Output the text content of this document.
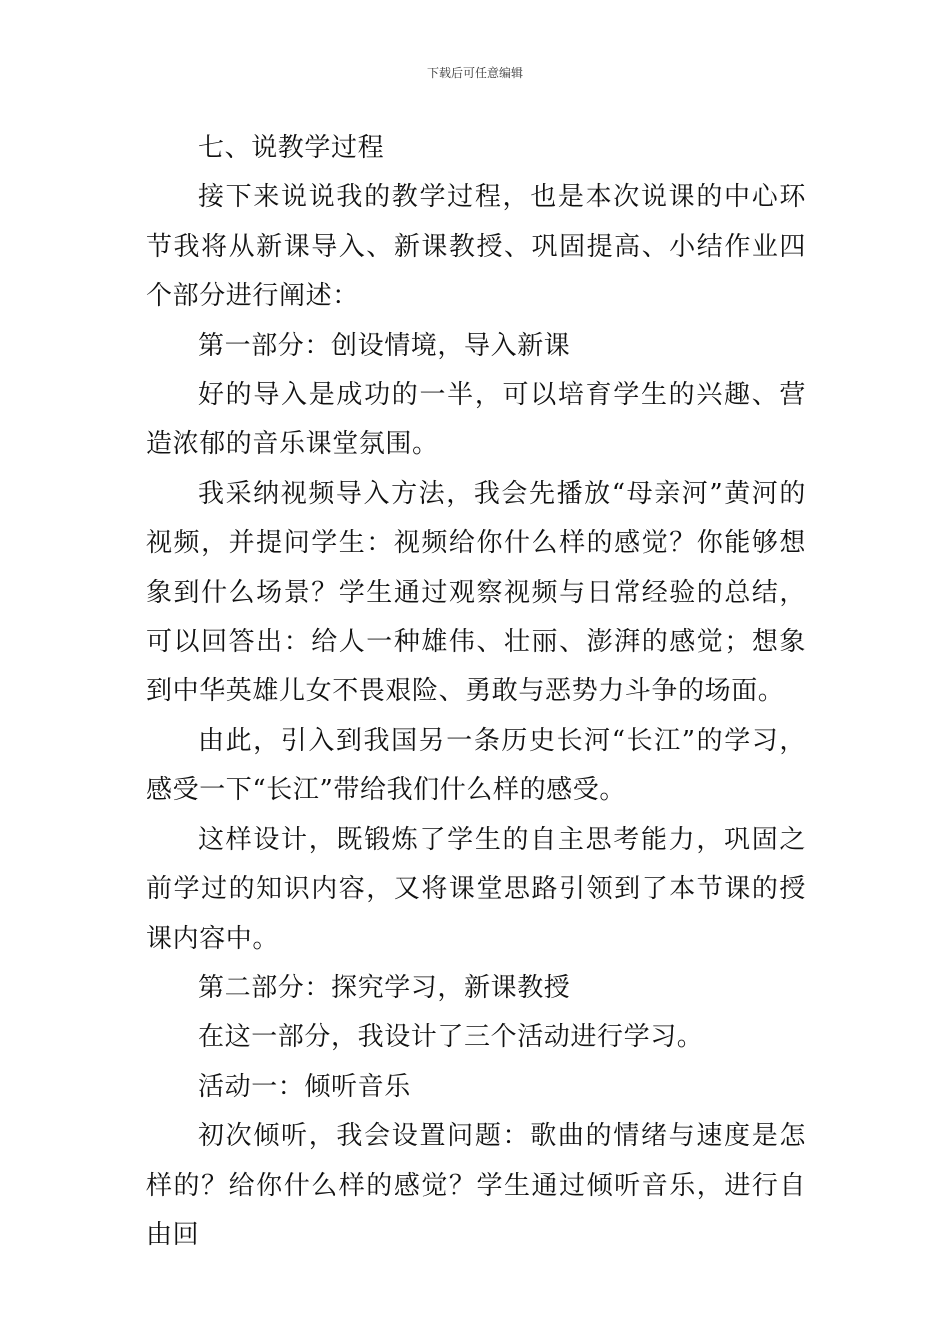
下载后可任意编辑

七、说教学过程

接下来说说我的教学过程，也是本次说课的中心环节我将从新课导入、新课教授、巩固提高、小结作业四个部分进行阐述：

第一部分：创设情境，导入新课

好的导入是成功的一半，可以培育学生的兴趣、营造浓郁的音乐课堂氛围。

我采纳视频导入方法，我会先播放“母亲河”黄河的视频，并提问学生：视频给你什么样的感觉？你能够想象到什么场景？学生通过观察视频与日常经验的总结，可以回答出：给人一种雄伟、壮丽、澎湃的感觉；想象到中华英雄儿女不畏艰险、勇敢与恶势力斗争的场面。

由此，引入到我国另一条历史长河“长江”的学习，感受一下“长江”带给我们什么样的感受。

这样设计，既锻炼了学生的自主思考能力，巩固之前学过的知识内容，又将课堂思路引领到了本节课的授课内容中。

第二部分：探究学习，新课教授

在这一部分，我设计了三个活动进行学习。

活动一：倾听音乐

初次倾听，我会设置问题：歌曲的情绪与速度是怎样的？给你什么样的感觉？学生通过倾听音乐，进行自由回
